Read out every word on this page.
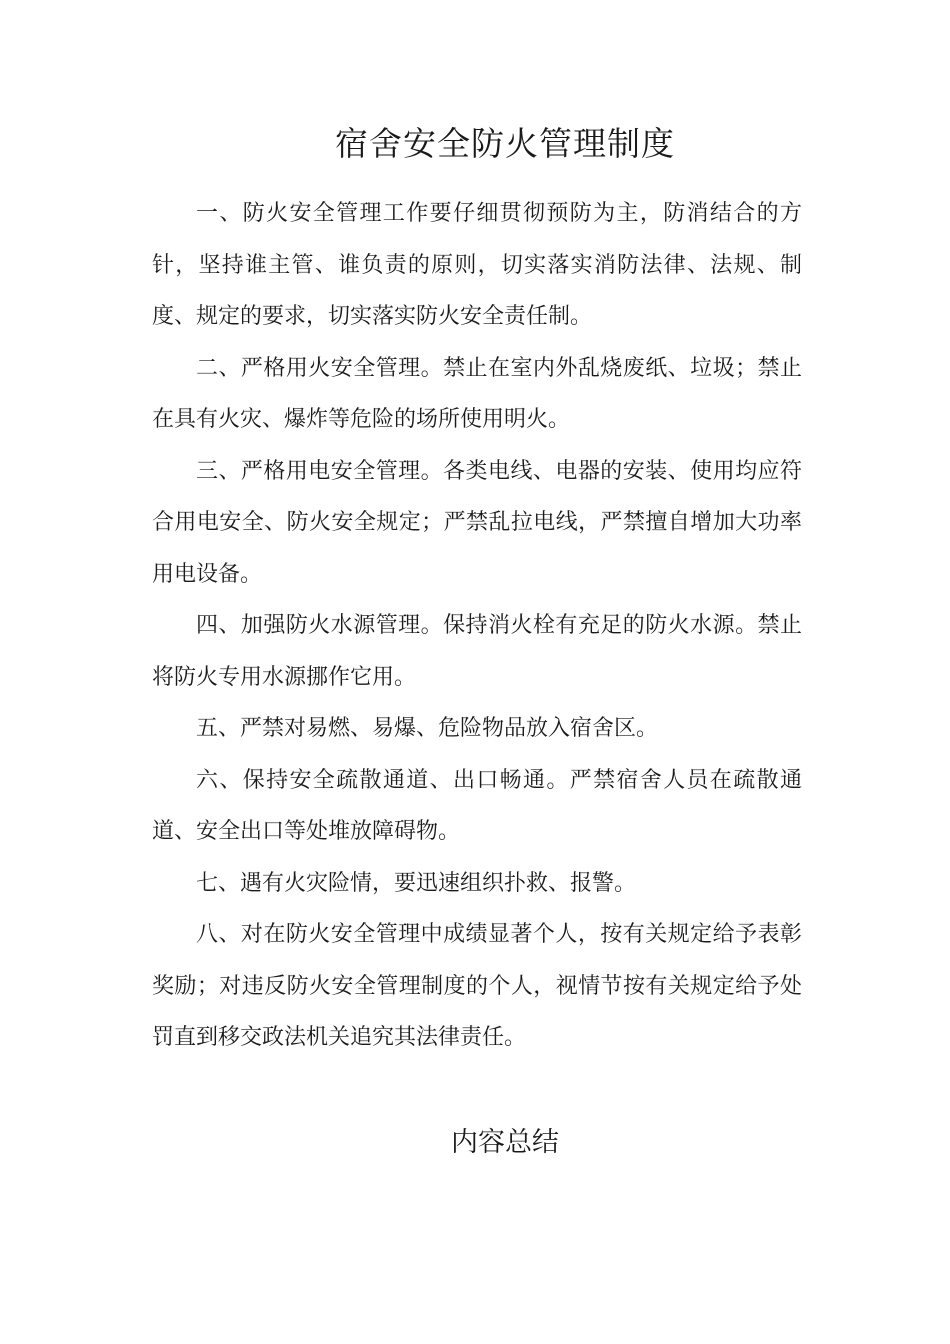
宿舍安全防火管理制度

一、防火安全管理工作要仔细贯彻预防为主，防消结合的方针，坚持谁主管、谁负责的原则，切实落实消防法律、法规、制度、规定的要求，切实落实防火安全责任制。

二、严格用火安全管理。禁止在室内外乱烧废纸、垃圾；禁止在具有火灾、爆炸等危险的场所使用明火。

三、严格用电安全管理。各类电线、电器的安装、使用均应符合用电安全、防火安全规定；严禁乱拉电线，严禁擅自增加大功率用电设备。

四、加强防火水源管理。保持消火栓有充足的防火水源。禁止将防火专用水源挪作它用。

五、严禁对易燃、易爆、危险物品放入宿舍区。

六、保持安全疏散通道、出口畅通。严禁宿舍人员在疏散通道、安全出口等处堆放障碍物。

七、遇有火灾险情，要迅速组织扑救、报警。

八、对在防火安全管理中成绩显著个人，按有关规定给予表彰奖励；对违反防火安全管理制度的个人，视情节按有关规定给予处罚直到移交政法机关追究其法律责任。

内容总结
